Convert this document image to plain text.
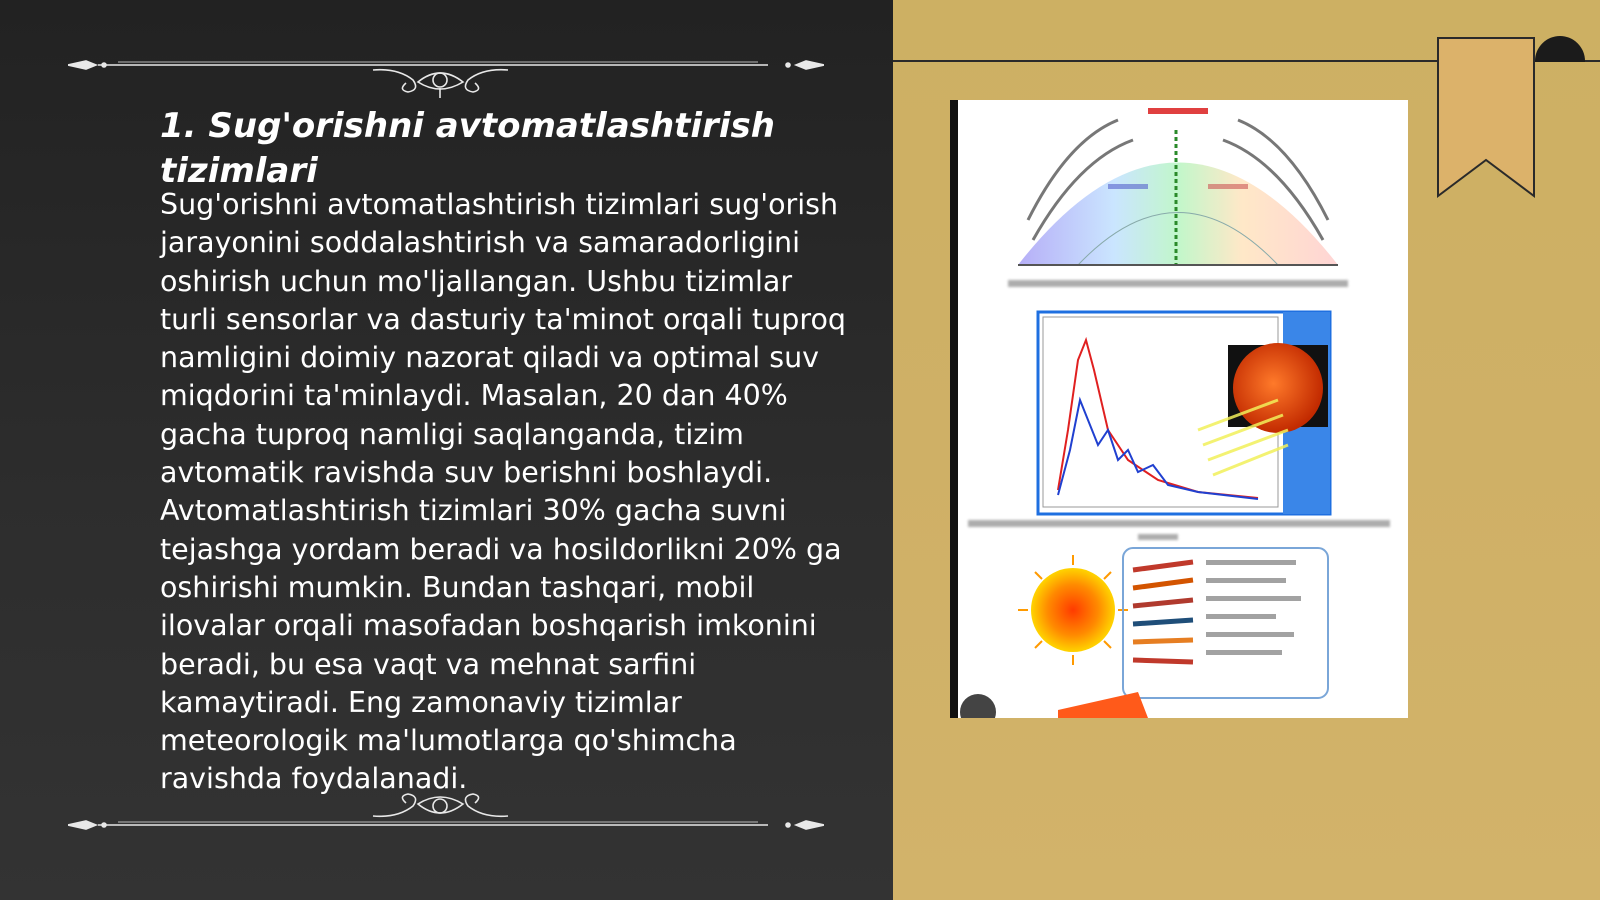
1. Sug'orishni avtomatlashtirish tizimlari

Sug'orishni avtomatlashtirish tizimlari sug'orish jarayonini soddalashtirish va samaradorligini oshirish uchun mo'ljallangan. Ushbu tizimlar turli sensorlar va dasturiy ta'minot orqali tuproq namligini doimiy nazorat qiladi va optimal suv miqdorini ta'minlaydi. Masalan, 20 dan 40% gacha tuproq namligi saqlanganda, tizim avtomatik ravishda suv berishni boshlaydi. Avtomatlashtirish tizimlari 30% gacha suvni tejashga yordam beradi va hosildorlikni 20% ga oshirishi mumkin. Bundan tashqari, mobil ilovalar orqali masofadan boshqarish imkonini beradi, bu esa vaqt va mehnat sarfini kamaytiradi. Eng zamonaviy tizimlar meteorologik ma'lumotlarga qo'shimcha ravishda foydalanadi.
